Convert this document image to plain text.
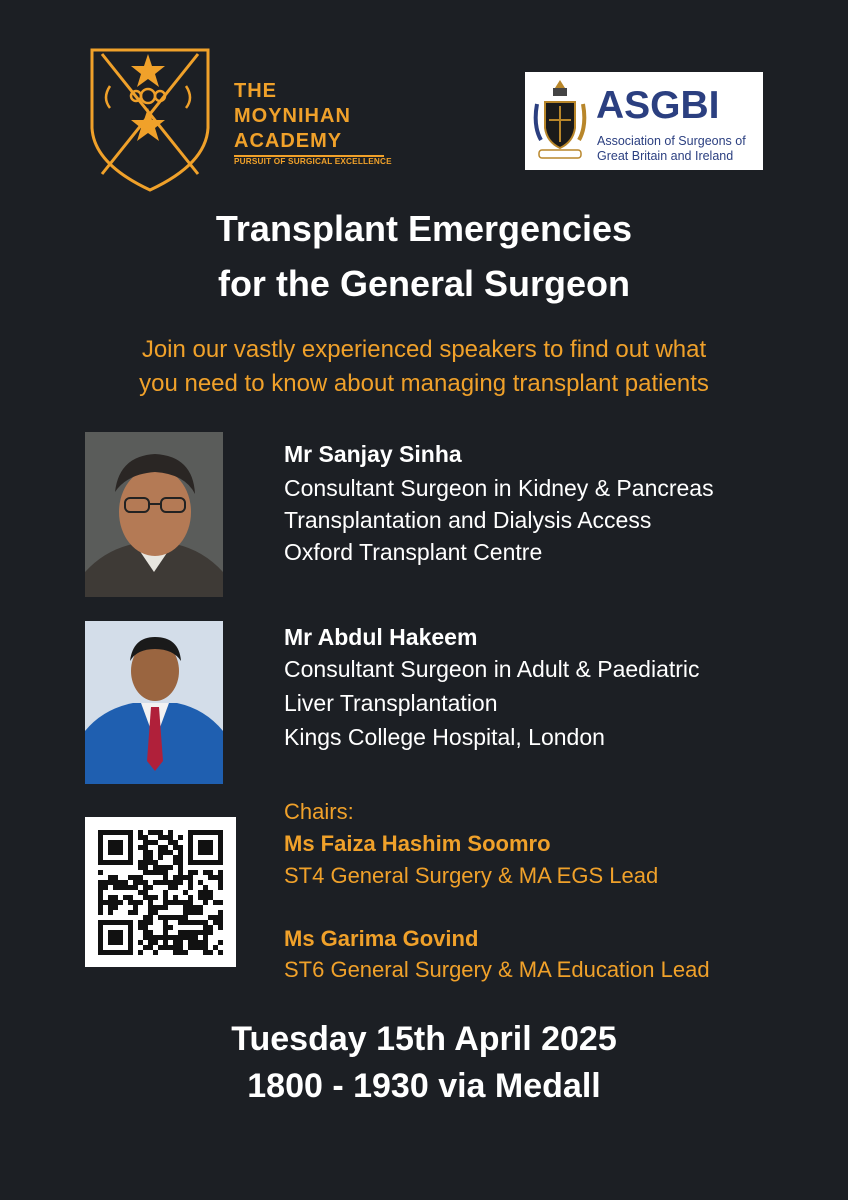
THE
MOYNIHAN
ACADEMY
PURSUIT OF SURGICAL EXCELLENCE
ASGBI
Association of Surgeons of
Great Britain and Ireland
Transplant Emergencies
for the General Surgeon
Join our vastly experienced speakers to find out what
you need to know about managing transplant patients
Mr Sanjay Sinha
Consultant Surgeon in Kidney & Pancreas
Transplantation and Dialysis Access
Oxford Transplant Centre
Mr Abdul Hakeem
Consultant Surgeon in Adult & Paediatric
Liver Transplantation
Kings College Hospital, London
Chairs:
Ms Faiza Hashim Soomro
ST4 General Surgery & MA EGS Lead
Ms Garima Govind
ST6 General Surgery & MA Education Lead
Tuesday 15th April 2025
1800 - 1930 via Medall
